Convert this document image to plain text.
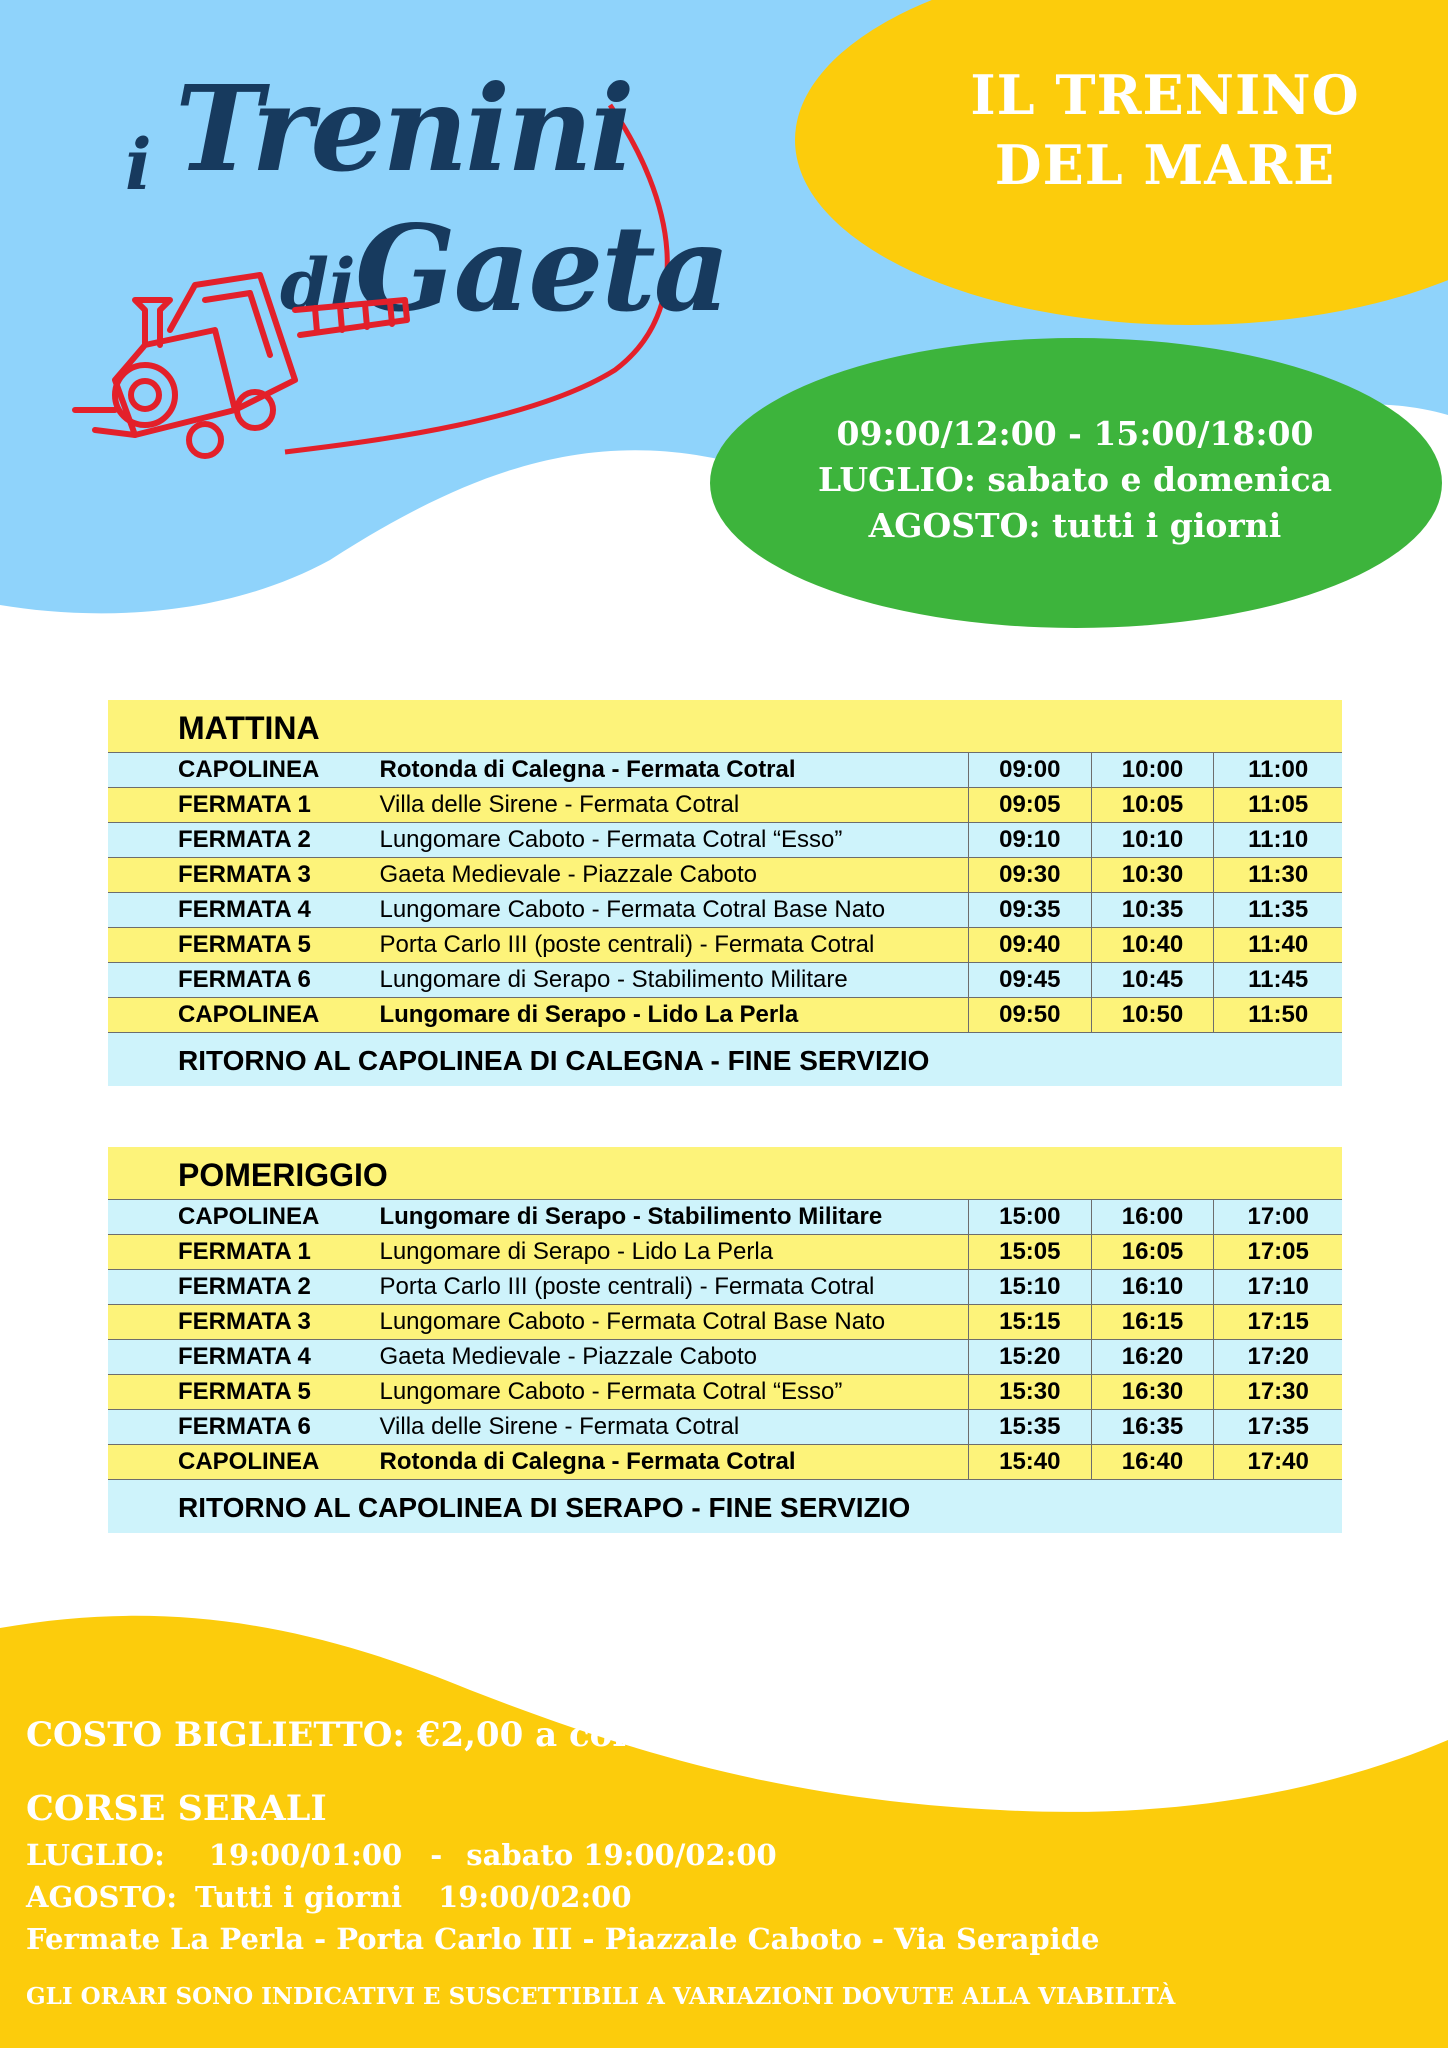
i Trenini
di Gaeta
IL TRENINO
DEL MARE
09:00/12:00 - 15:00/18:00
LUGLIO: sabato e domenica
AGOSTO: tutti i giorni
MATTINA
CAPOLINEA	Rotonda di Calegna - Fermata Cotral	09:00	10:00	11:00
FERMATA 1	Villa delle Sirene - Fermata Cotral	09:05	10:05	11:05
FERMATA 2	Lungomare Caboto - Fermata Cotral “Esso”	09:10	10:10	11:10
FERMATA 3	Gaeta Medievale - Piazzale Caboto	09:30	10:30	11:30
FERMATA 4	Lungomare Caboto - Fermata Cotral Base Nato	09:35	10:35	11:35
FERMATA 5	Porta Carlo III (poste centrali) - Fermata Cotral	09:40	10:40	11:40
FERMATA 6	Lungomare di Serapo - Stabilimento Militare	09:45	10:45	11:45
CAPOLINEA	Lungomare di Serapo - Lido La Perla	09:50	10:50	11:50
RITORNO AL CAPOLINEA DI CALEGNA - FINE SERVIZIO
POMERIGGIO
CAPOLINEA	Lungomare di Serapo - Stabilimento Militare	15:00	16:00	17:00
FERMATA 1	Lungomare di Serapo - Lido La Perla	15:05	16:05	17:05
FERMATA 2	Porta Carlo III (poste centrali) - Fermata Cotral	15:10	16:10	17:10
FERMATA 3	Lungomare Caboto - Fermata Cotral Base Nato	15:15	16:15	17:15
FERMATA 4	Gaeta Medievale - Piazzale Caboto	15:20	16:20	17:20
FERMATA 5	Lungomare Caboto - Fermata Cotral “Esso”	15:30	16:30	17:30
FERMATA 6	Villa delle Sirene - Fermata Cotral	15:35	16:35	17:35
CAPOLINEA	Rotonda di Calegna - Fermata Cotral	15:40	16:40	17:40
RITORNO AL CAPOLINEA DI SERAPO - FINE SERVIZIO
COSTO BIGLIETTO: €2,00 a corsa
CORSE SERALI
LUGLIO: 19:00/01:00 - sabato 19:00/02:00
AGOSTO: Tutti i giorni 19:00/02:00
Fermate La Perla - Porta Carlo III - Piazzale Caboto - Via Serapide
GLI ORARI SONO INDICATIVI E SUSCETTIBILI A VARIAZIONI DOVUTE ALLA VIABILITÀ
